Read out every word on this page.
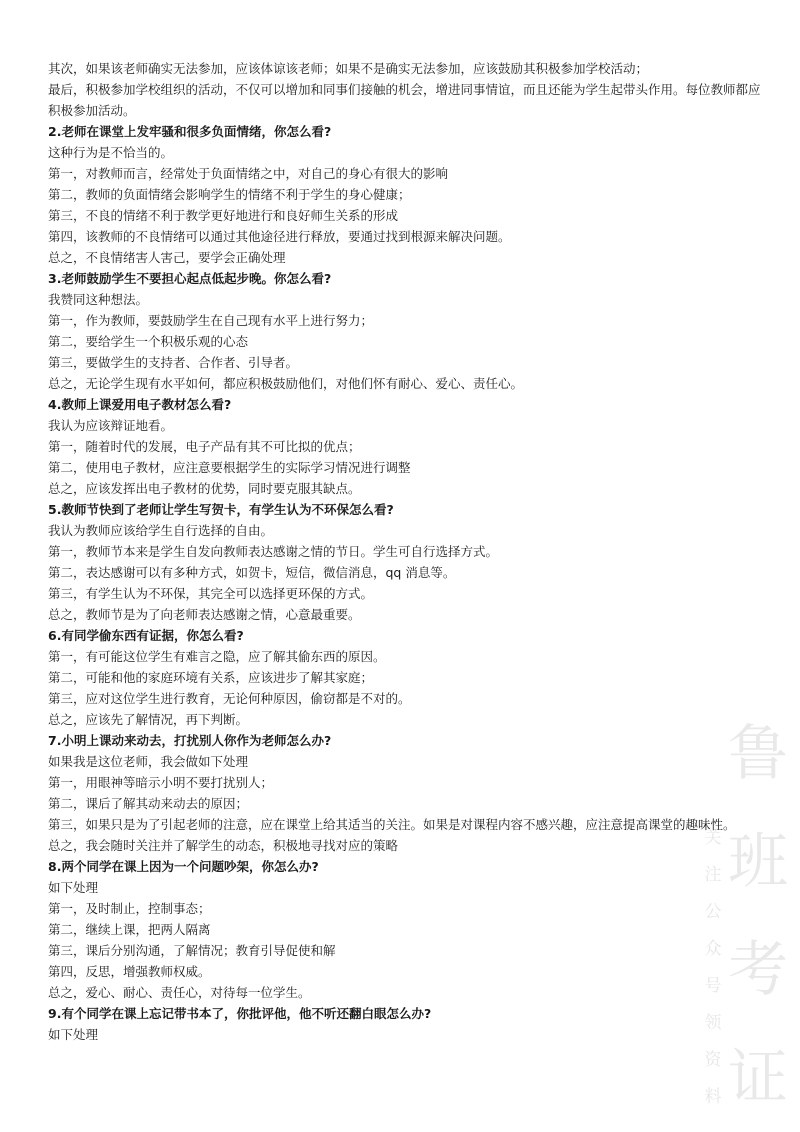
其次，如果该老师确实无法参加，应该体谅该老师；如果不是确实无法参加，应该鼓励其积极参加学校活动；
最后，积极参加学校组织的活动，不仅可以增加和同事们接触的机会，增进同事情谊，而且还能为学生起带头作用。每位教师都应积极参加活动。
2.老师在课堂上发牢骚和很多负面情绪，你怎么看?
这种行为是不恰当的。
第一，对教师而言，经常处于负面情绪之中，对自己的身心有很大的影响
第二，教师的负面情绪会影响学生的情绪不利于学生的身心健康；
第三，不良的情绪不利于教学更好地进行和良好师生关系的形成
第四，该教师的不良情绪可以通过其他途径进行释放，要通过找到根源来解决问题。
总之，不良情绪害人害己，要学会正确处理
3.老师鼓励学生不要担心起点低起步晚。你怎么看?
我赞同这种想法。
第一，作为教师，要鼓励学生在自己现有水平上进行努力；
第二，要给学生一个积极乐观的心态
第三，要做学生的支持者、合作者、引导者。
总之，无论学生现有水平如何，都应积极鼓励他们，对他们怀有耐心、爱心、责任心。
4.教师上课爱用电子教材怎么看?
我认为应该辩证地看。
第一，随着时代的发展，电子产品有其不可比拟的优点；
第二，使用电子教材，应注意要根据学生的实际学习情况进行调整
总之，应该发挥出电子教材的优势，同时要克服其缺点。
5.教师节快到了老师让学生写贺卡，有学生认为不环保怎么看?
我认为教师应该给学生自行选择的自由。
第一，教师节本来是学生自发向教师表达感谢之情的节日。学生可自行选择方式。
第二，表达感谢可以有多种方式，如贺卡，短信，微信消息，qq 消息等。
第三，有学生认为不环保，其完全可以选择更环保的方式。
总之，教师节是为了向老师表达感谢之情，心意最重要。
6.有同学偷东西有证据，你怎么看?
第一，有可能这位学生有难言之隐，应了解其偷东西的原因。
第二，可能和他的家庭环境有关系，应该进步了解其家庭；
第三，应对这位学生进行教育，无论何种原因，偷窃都是不对的。
总之，应该先了解情况，再下判断。
7.小明上课动来动去，打扰别人你作为老师怎么办?
如果我是这位老师，我会做如下处理
第一，用眼神等暗示小明不要打扰别人；
第二，课后了解其动来动去的原因；
第三，如果只是为了引起老师的注意，应在课堂上给其适当的关注。如果是对课程内容不感兴趣，应注意提高课堂的趣味性。
总之，我会随时关注并了解学生的动态，积极地寻找对应的策略
8.两个同学在课上因为一个问题吵架，你怎么办?
如下处理
第一，及时制止，控制事态；
第二，继续上课，把两人隔离
第三，课后分别沟通，了解情况；教育引导促使和解
第四，反思，增强教师权威。
总之，爱心、耐心、责任心，对待每一位学生。
9.有个同学在课上忘记带书本了，你批评他，他不听还翻白眼怎么办?
如下处理
鲁
班
考
证
关
注
公
众
号
领
资
料
